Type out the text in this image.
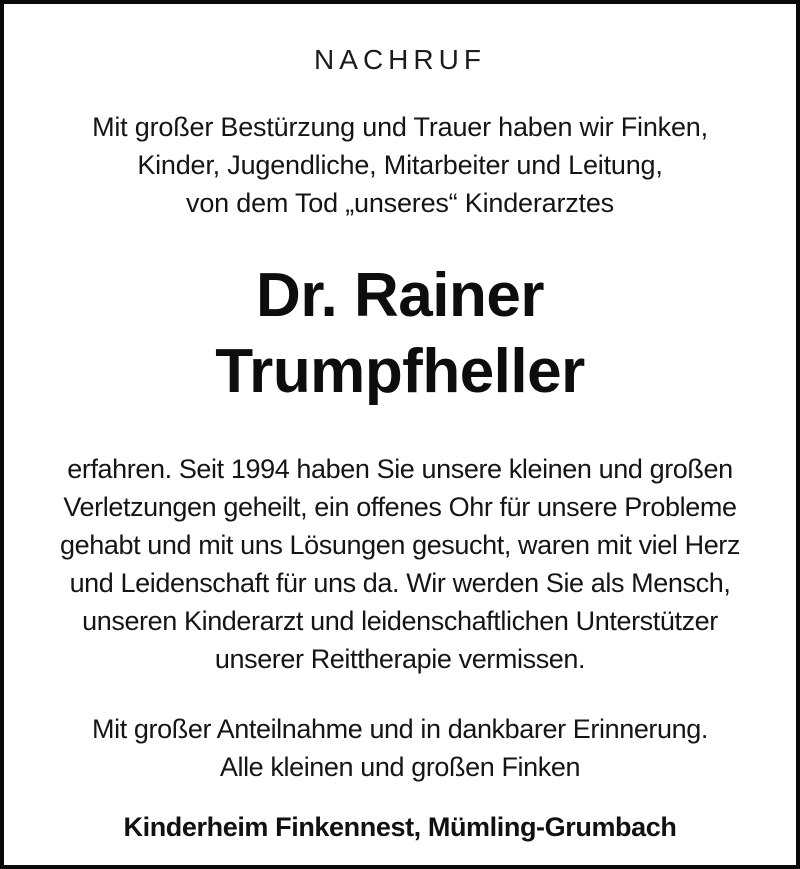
NACHRUF
Mit großer Bestürzung und Trauer haben wir Finken,
Kinder, Jugendliche, Mitarbeiter und Leitung,
von dem Tod „unseres“ Kinderarztes
Dr. Rainer
Trumpfheller
erfahren. Seit 1994 haben Sie unsere kleinen und großen
Verletzungen geheilt, ein offenes Ohr für unsere Probleme
gehabt und mit uns Lösungen gesucht, waren mit viel Herz
und Leidenschaft für uns da. Wir werden Sie als Mensch,
unseren Kinderarzt und leidenschaftlichen Unterstützer
unserer Reittherapie vermissen.
Mit großer Anteilnahme und in dankbarer Erinnerung.
Alle kleinen und großen Finken
Kinderheim Finkennest, Mümling-Grumbach
